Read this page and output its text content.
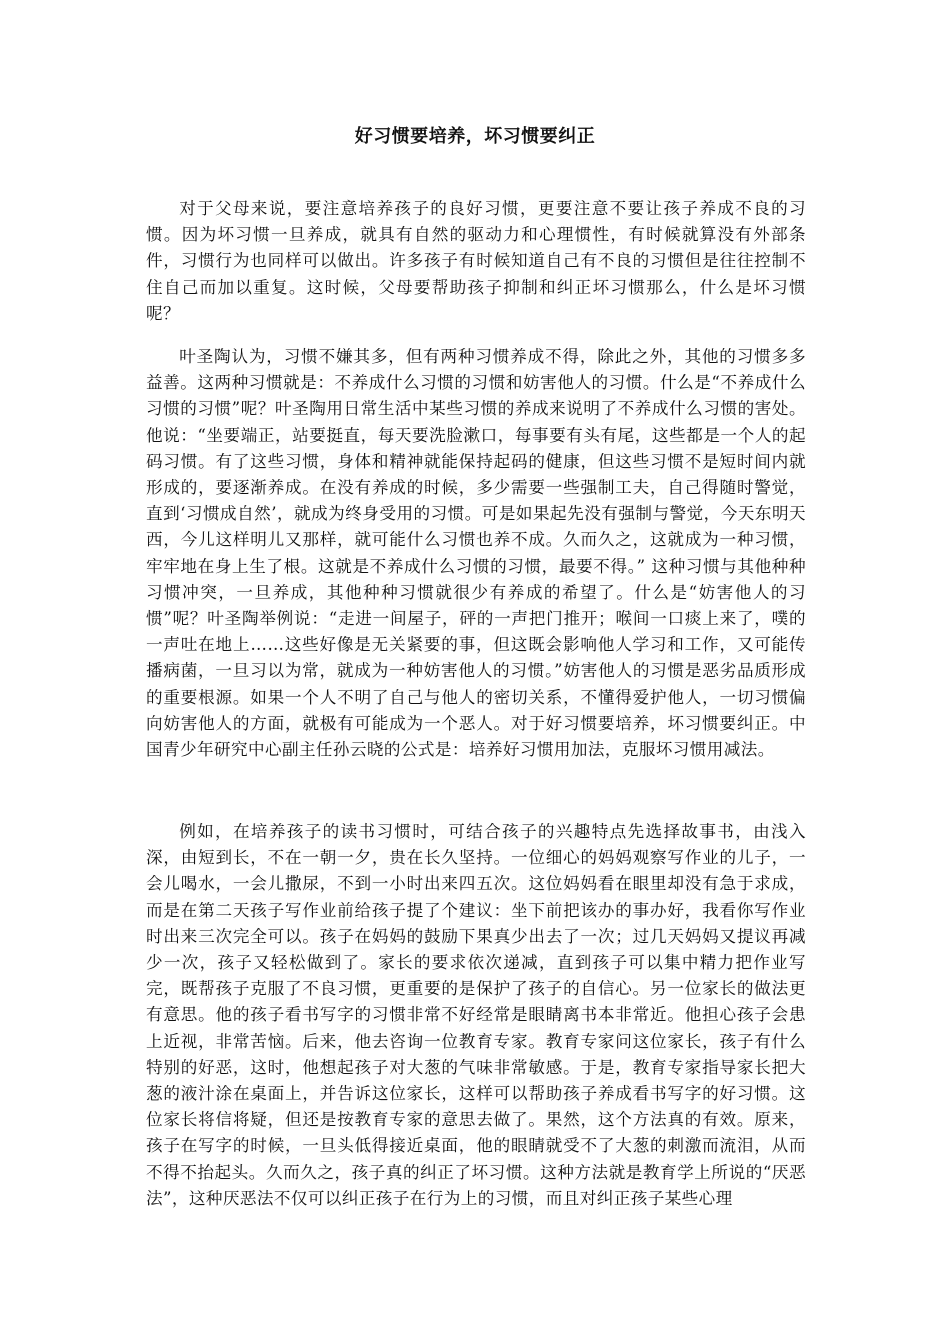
好习惯要培养，坏习惯要纠正

对于父母来说，要注意培养孩子的良好习惯，更要注意不要让孩子养成不良的习惯。因为坏习惯一旦养成，就具有自然的驱动力和心理惯性，有时候就算没有外部条件，习惯行为也同样可以做出。许多孩子有时候知道自己有不良的习惯但是往往控制不住自己而加以重复。这时候，父母要帮助孩子抑制和纠正坏习惯那么，什么是坏习惯呢？

叶圣陶认为，习惯不嫌其多，但有两种习惯养成不得，除此之外，其他的习惯多多益善。这两种习惯就是：不养成什么习惯的习惯和妨害他人的习惯。什么是“不养成什么习惯的习惯”呢？叶圣陶用日常生活中某些习惯的养成来说明了不养成什么习惯的害处。他说：“坐要端正，站要挺直，每天要洗脸漱口，每事要有头有尾，这些都是一个人的起码习惯。有了这些习惯，身体和精神就能保持起码的健康，但这些习惯不是短时间内就形成的，要逐渐养成。在没有养成的时候，多少需要一些强制工夫，自己得随时警觉，直到‘习惯成自然’，就成为终身受用的习惯。可是如果起先没有强制与警觉，今天东明天西，今儿这样明儿又那样，就可能什么习惯也养不成。久而久之，这就成为一种习惯，牢牢地在身上生了根。这就是不养成什么习惯的习惯，最要不得。” 这种习惯与其他种种习惯冲突，一旦养成，其他种种习惯就很少有养成的希望了。什么是“妨害他人的习惯”呢？叶圣陶举例说：“走进一间屋子，砰的一声把门推开；喉间一口痰上来了，噗的一声吐在地上……这些好像是无关紧要的事，但这既会影响他人学习和工作，又可能传播病菌，一旦习以为常，就成为一种妨害他人的习惯。”妨害他人的习惯是恶劣品质形成的重要根源。如果一个人不明了自己与他人的密切关系，不懂得爱护他人，一切习惯偏向妨害他人的方面，就极有可能成为一个恶人。对于好习惯要培养，坏习惯要纠正。中国青少年研究中心副主任孙云晓的公式是：培养好习惯用加法，克服坏习惯用减法。

例如，在培养孩子的读书习惯时，可结合孩子的兴趣特点先选择故事书，由浅入深，由短到长，不在一朝一夕，贵在长久坚持。一位细心的妈妈观察写作业的儿子，一会儿喝水，一会儿撒尿，不到一小时出来四五次。这位妈妈看在眼里却没有急于求成，而是在第二天孩子写作业前给孩子提了个建议：坐下前把该办的事办好，我看你写作业时出来三次完全可以。孩子在妈妈的鼓励下果真少出去了一次；过几天妈妈又提议再减少一次，孩子又轻松做到了。家长的要求依次递减，直到孩子可以集中精力把作业写完，既帮孩子克服了不良习惯，更重要的是保护了孩子的自信心。另一位家长的做法更有意思。他的孩子看书写字的习惯非常不好经常是眼睛离书本非常近。他担心孩子会患上近视，非常苦恼。后来，他去咨询一位教育专家。教育专家问这位家长，孩子有什么特别的好恶，这时，他想起孩子对大葱的气味非常敏感。于是，教育专家指导家长把大葱的液汁涂在桌面上，并告诉这位家长，这样可以帮助孩子养成看书写字的好习惯。这位家长将信将疑，但还是按教育专家的意思去做了。果然，这个方法真的有效。原来，孩子在写字的时候，一旦头低得接近桌面，他的眼睛就受不了大葱的刺激而流泪，从而不得不抬起头。久而久之，孩子真的纠正了坏习惯。这种方法就是教育学上所说的“厌恶法”，这种厌恶法不仅可以纠正孩子在行为上的习惯，而且对纠正孩子某些心理
